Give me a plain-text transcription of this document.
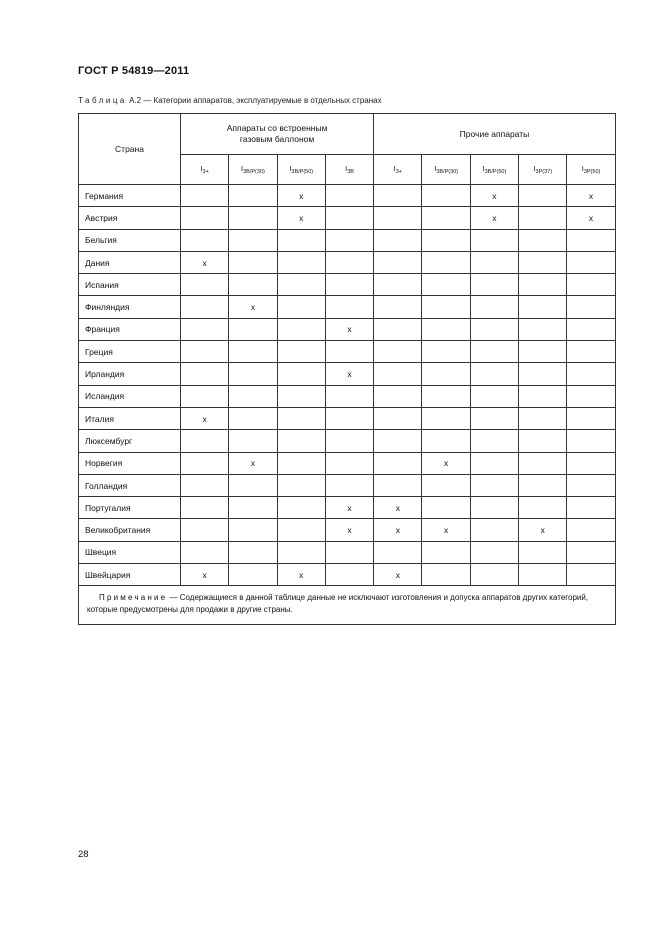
ГОСТ Р 54819—2011
Таблица А.2 — Категории аппаратов, эксплуатируемые в отдельных странах
Страна	Аппараты со встроенным газовым баллоном				Прочие аппараты				
	$I_{3+}$	$I_{3B/P(30)}$	$I_{3B/P(50)}$	$I_{3B}$	$I_{3+}$	$I_{3B/P(30)}$	$I_{3B/P(50)}$	$I_{3P(37)}$	$I_{3P(50)}$
Германия			x				x		x
Австрия			x				x		x
Бельгия									
Дания	x								
Испания									
Финляндия		x							
Франция				x					
Греция									
Ирландия				x					
Исландия									
Италия	x								
Люксембург									
Норвегия		x				x			
Голландия									
Португалия				x	x				
Великобритания				x	x	x		x	
Швеция									
Швейцария	x		x		x				
Примечание — Содержащиеся в данной таблице данные не исключают изготовления и допуска аппаратов других категорий, которые предусмотрены для продажи в другие страны.									
28
